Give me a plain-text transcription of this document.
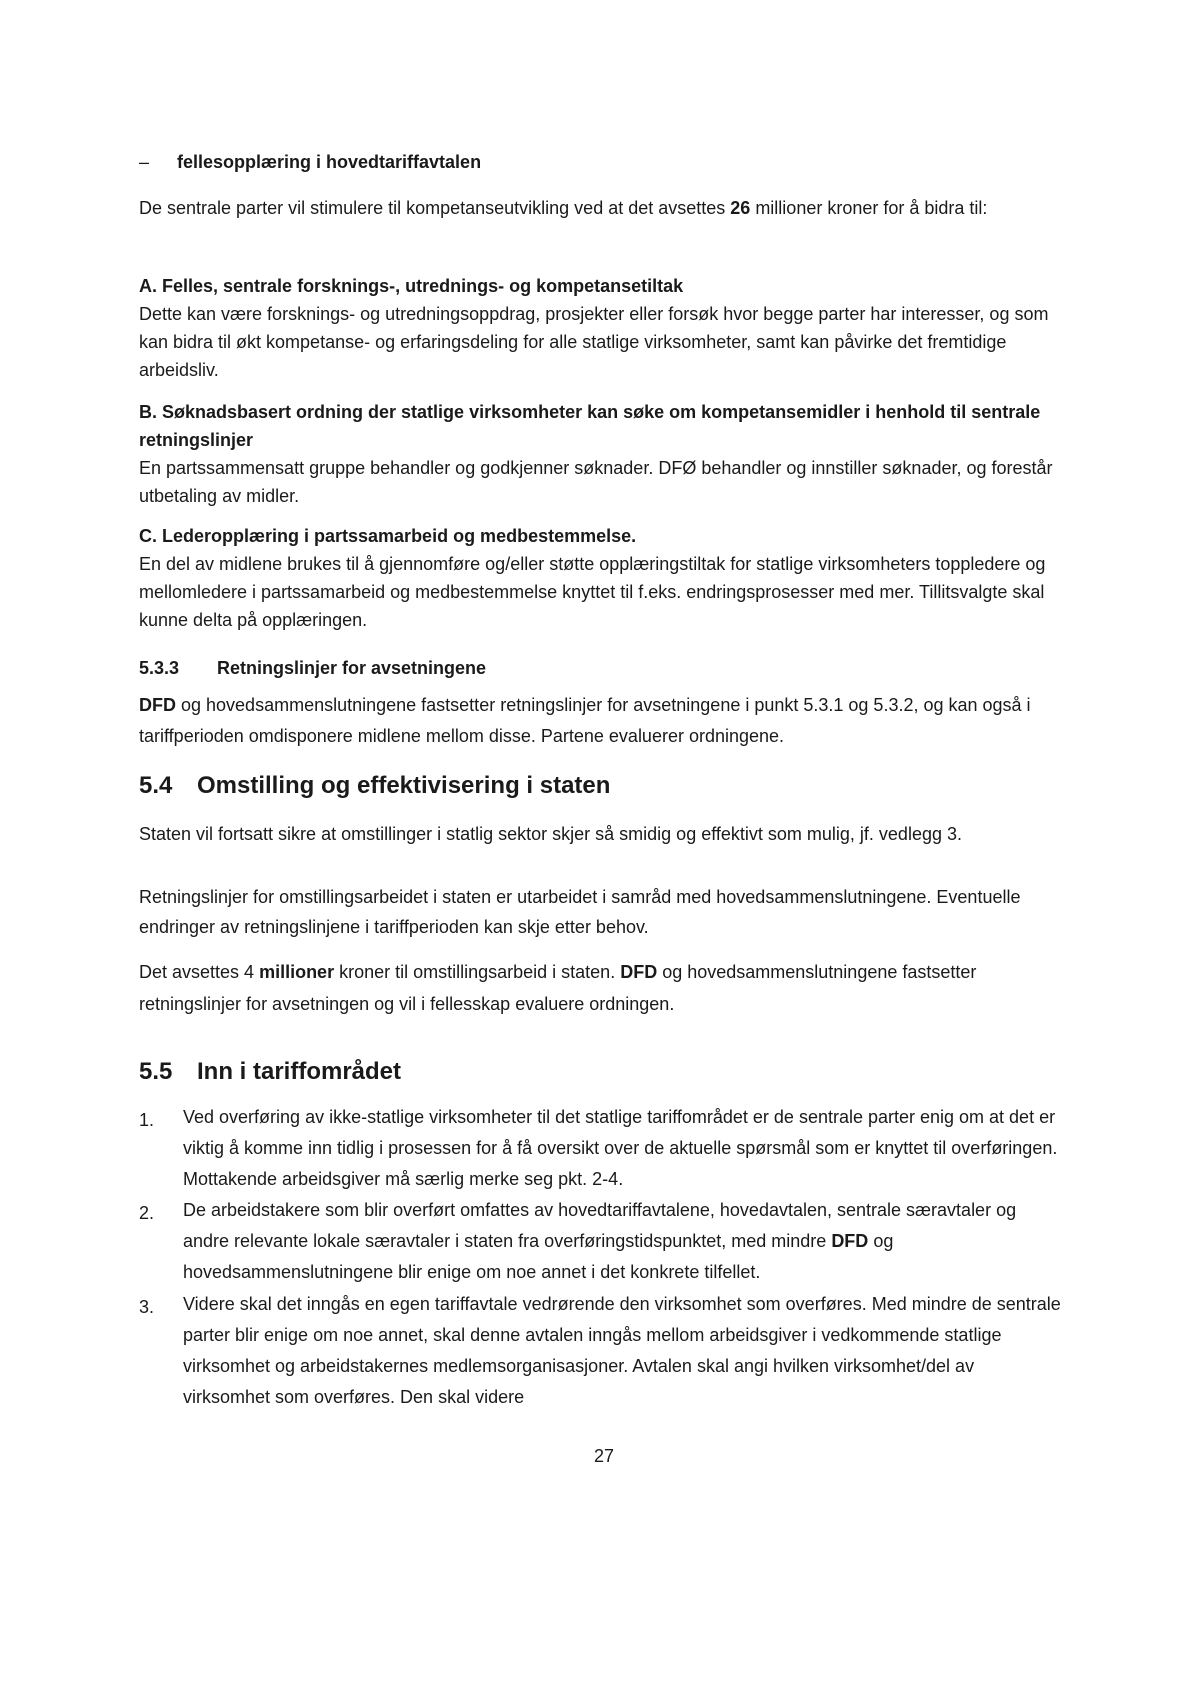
– fellesopplæring i hovedtariffavtalen

De sentrale parter vil stimulere til kompetanseutvikling ved at det avsettes 26 millioner kroner for å bidra til:

A. Felles, sentrale forsknings-, utrednings- og kompetansetiltak
Dette kan være forsknings- og utredningsoppdrag, prosjekter eller forsøk hvor begge parter har interesser, og som kan bidra til økt kompetanse- og erfaringsdeling for alle statlige virksomheter, samt kan påvirke det fremtidige arbeidsliv.
B. Søknadsbasert ordning der statlige virksomheter kan søke om kompetansemidler i henhold til sentrale retningslinjer
En partssammensatt gruppe behandler og godkjenner søknader. DFØ behandler og innstiller søknader, og forestår utbetaling av midler.
C. Lederopplæring i partssamarbeid og medbestemmelse.
En del av midlene brukes til å gjennomføre og/eller støtte opplæringstiltak for statlige virksomheters toppledere og mellomledere i partssamarbeid og medbestemmelse knyttet til f.eks. endringsprosesser med mer. Tillitsvalgte skal kunne delta på opplæringen.
5.3.3 Retningslinjer for avsetningene

DFD og hovedsammenslutningene fastsetter retningslinjer for avsetningene i punkt 5.3.1 og 5.3.2, og kan også i tariffperioden omdisponere midlene mellom disse. Partene evaluerer ordningene.

5.4 Omstilling og effektivisering i staten

Staten vil fortsatt sikre at omstillinger i statlig sektor skjer så smidig og effektivt som mulig, jf. vedlegg 3.

Retningslinjer for omstillingsarbeidet i staten er utarbeidet i samråd med hovedsammenslutningene. Eventuelle endringer av retningslinjene i tariffperioden kan skje etter behov.

Det avsettes 4 millioner kroner til omstillingsarbeid i staten. DFD og hovedsammenslutningene fastsetter retningslinjer for avsetningen og vil i fellesskap evaluere ordningen.

5.5 Inn i tariffområdet
1.	Ved overføring av ikke-statlige virksomheter til det statlige tariffområdet er de sentrale parter enig om at det er viktig å komme inn tidlig i prosessen for å få oversikt over de aktuelle spørsmål som er knyttet til overføringen. Mottakende arbeidsgiver må særlig merke seg pkt. 2-4.
2.	De arbeidstakere som blir overført omfattes av hovedtariffavtalene, hovedavtalen, sentrale særavtaler og andre relevante lokale særavtaler i staten fra overføringstidspunktet, med mindre DFD og hovedsammenslutningene blir enige om noe annet i det konkrete tilfellet.
3.	Videre skal det inngås en egen tariffavtale vedrørende den virksomhet som overføres. Med mindre de sentrale parter blir enige om noe annet, skal denne avtalen inngås mellom arbeidsgiver i vedkommende statlige virksomhet og arbeidstakernes medlemsorganisasjoner. Avtalen skal angi hvilken virksomhet/del av virksomhet som overføres. Den skal videre
27
